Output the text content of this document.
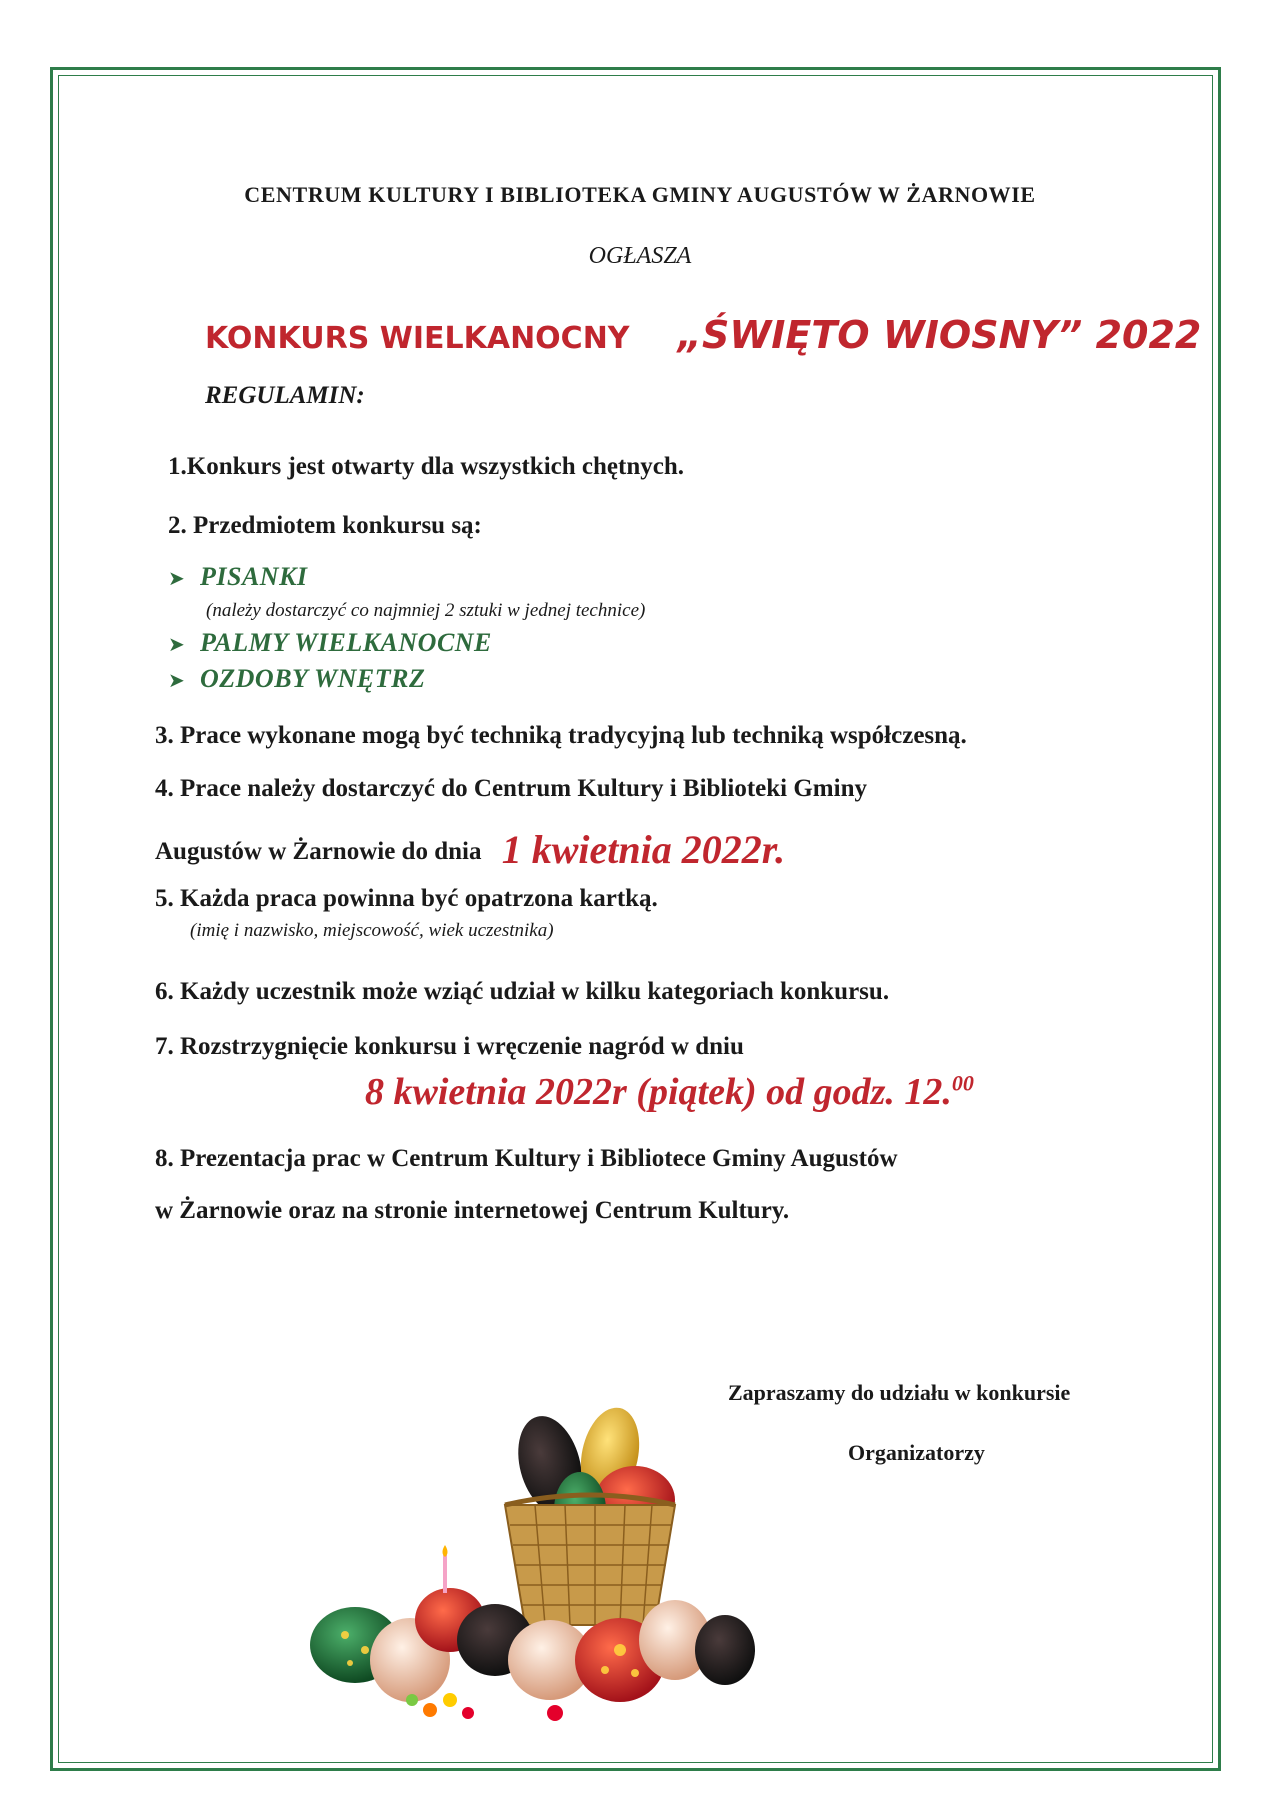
CENTRUM KULTURY I BIBLIOTEKA GMINY AUGUSTÓW W ŻARNOWIE
OGŁASZA
KONKURS WIELKANOCNY „ŚWIĘTO WIOSNY” 2022
REGULAMIN:
1.Konkurs jest otwarty dla wszystkich chętnych.
2. Przedmiotem konkursu są:
➤ PISANKI
(należy dostarczyć co najmniej 2 sztuki w jednej technice)
➤ PALMY WIELKANOCNE
➤ OZDOBY WNĘTRZ
3. Prace wykonane mogą być techniką tradycyjną lub techniką współczesną.
4. Prace należy dostarczyć do Centrum Kultury i Biblioteki Gminy
Augustów w Żarnowie do dnia 1 kwietnia 2022r.
5. Każda praca powinna być opatrzona kartką.
(imię i nazwisko, miejscowość, wiek uczestnika)
6. Każdy uczestnik może wziąć udział w kilku kategoriach konkursu.
7. Rozstrzygnięcie konkursu i wręczenie nagród w dniu
8 kwietnia 2022r (piątek) od godz. 12.00
8. Prezentacja prac w Centrum Kultury i Bibliotece Gminy Augustów
w Żarnowie oraz na stronie internetowej Centrum Kultury.
Zapraszamy do udziału w konkursie
Organizatorzy
